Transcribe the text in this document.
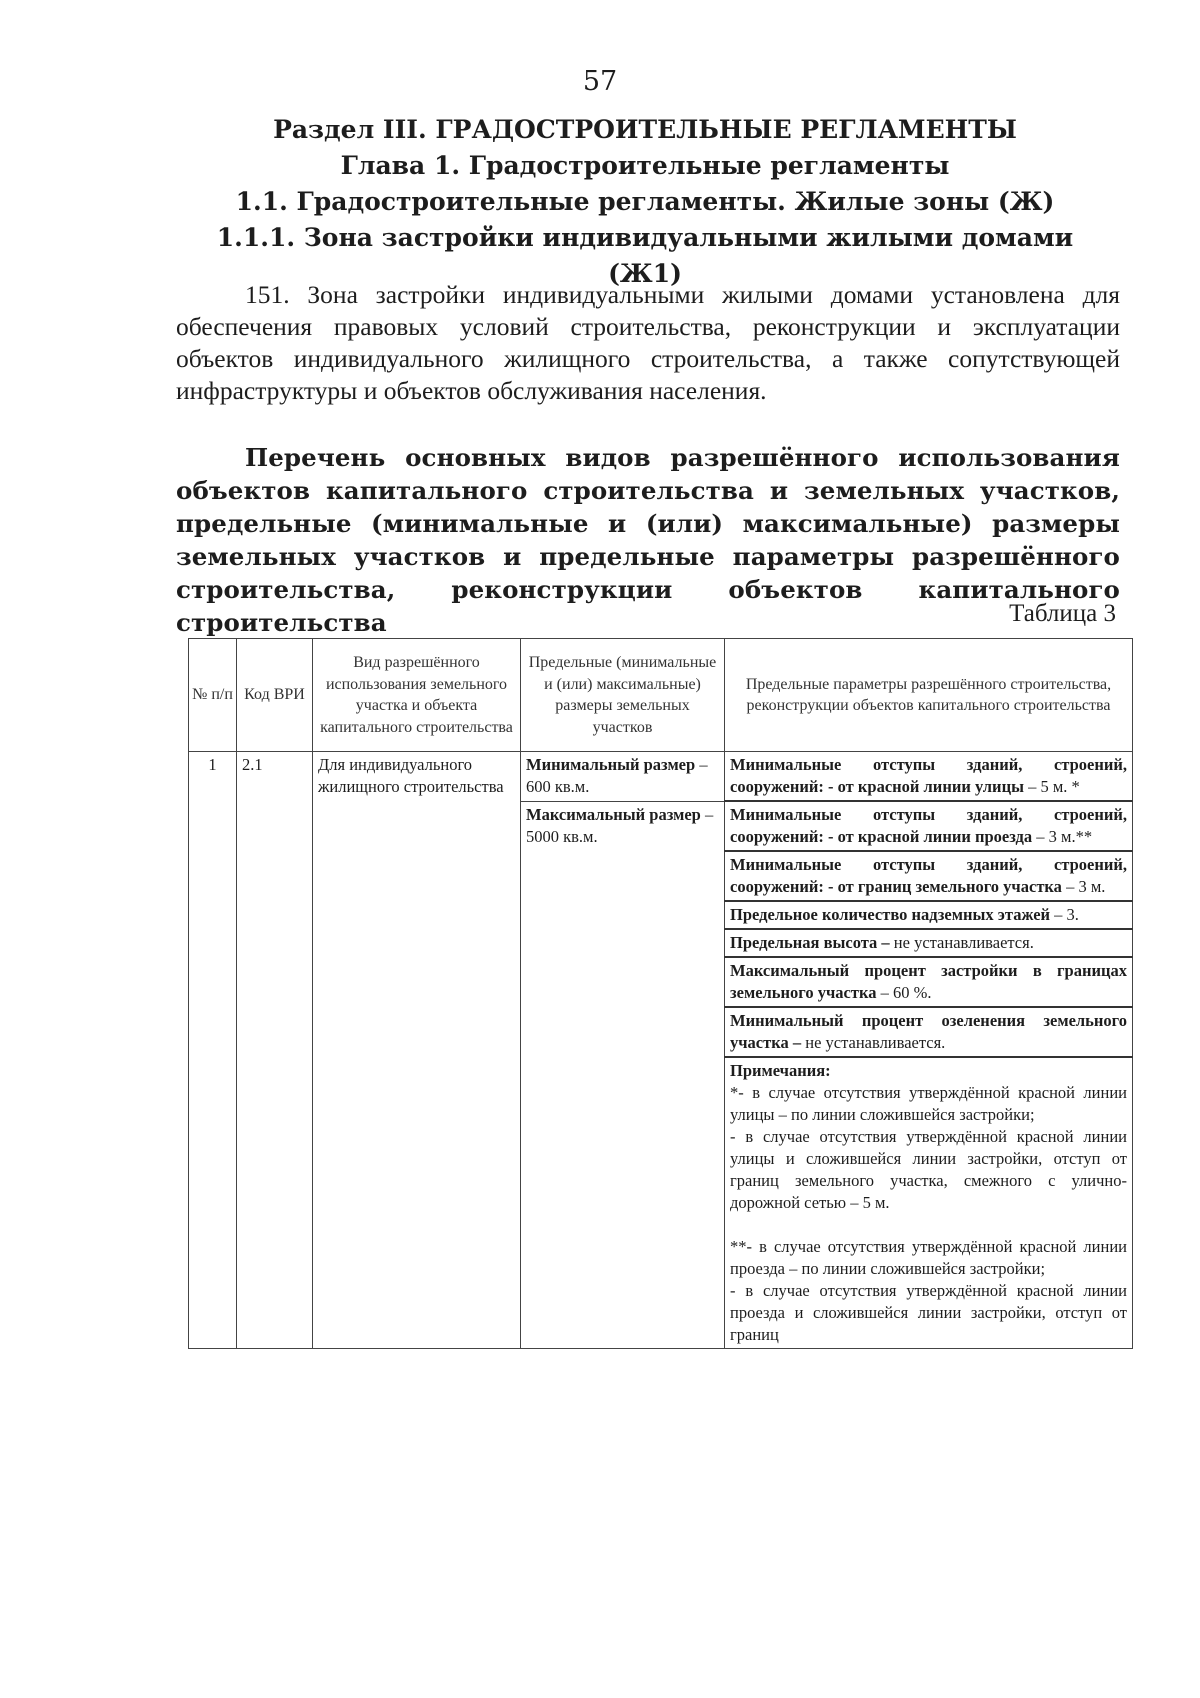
57

Раздел III. ГРАДОСТРОИТЕЛЬНЫЕ РЕГЛАМЕНТЫ

Глава 1. Градостроительные регламенты

1.1. Градостроительные регламенты. Жилые зоны (Ж)

1.1.1. Зона застройки индивидуальными жилыми домами (Ж1)

151. Зона застройки индивидуальными жилыми домами установлена для обеспечения правовых условий строительства, реконструкции и эксплуатации объектов индивидуального жилищного строительства, а также сопутствующей инфраструктуры и объектов обслуживания населения.

Перечень основных видов разрешённого использования объектов капитального строительства и земельных участков, предельные (минимальные и (или) максимальные) размеры земельных участков и предельные параметры разрешённого строительства, реконструкции объектов капитального строительства	Таблица 3
№ п/п	Код ВРИ	Вид разрешённого использования земельного участка и объекта капитального строительства	Предельные (минимальные и (или) максимальные) размеры земельных участков	Предельные параметры разрешённого строительства, реконструкции объектов капитального строительства
1	2.1	Для индивидуального жилищного строительства	Минимальный размер – 600 кв.м.	Минимальные отступы зданий, строений, сооружений: - от красной линии улицы – 5 м. *
			Максимальный размер – 5000 кв.м.	Минимальные отступы зданий, строений, сооружений: - от красной линии проезда – 3 м.**
				Минимальные отступы зданий, строений, сооружений: - от границ земельного участка – 3 м.
				Предельное количество надземных этажей – 3.
				Предельная высота – не устанавливается.
				Максимальный процент застройки в границах земельного участка – 60 %.
				Минимальный процент озеленения земельного участка – не устанавливается.

				Примечания:
*- в случае отсутствия утверждённой красной линии улицы – по линии сложившейся застройки;
- в случае отсутствия утверждённой красной линии улицы и сложившейся линии застройки, отступ от границ земельного участка, смежного с улично-дорожной сетью – 5 м.
**- в случае отсутствия утверждённой красной линии проезда – по линии сложившейся застройки;
- в случае отсутствия утверждённой красной линии проезда и сложившейся линии застройки, отступ от границ
